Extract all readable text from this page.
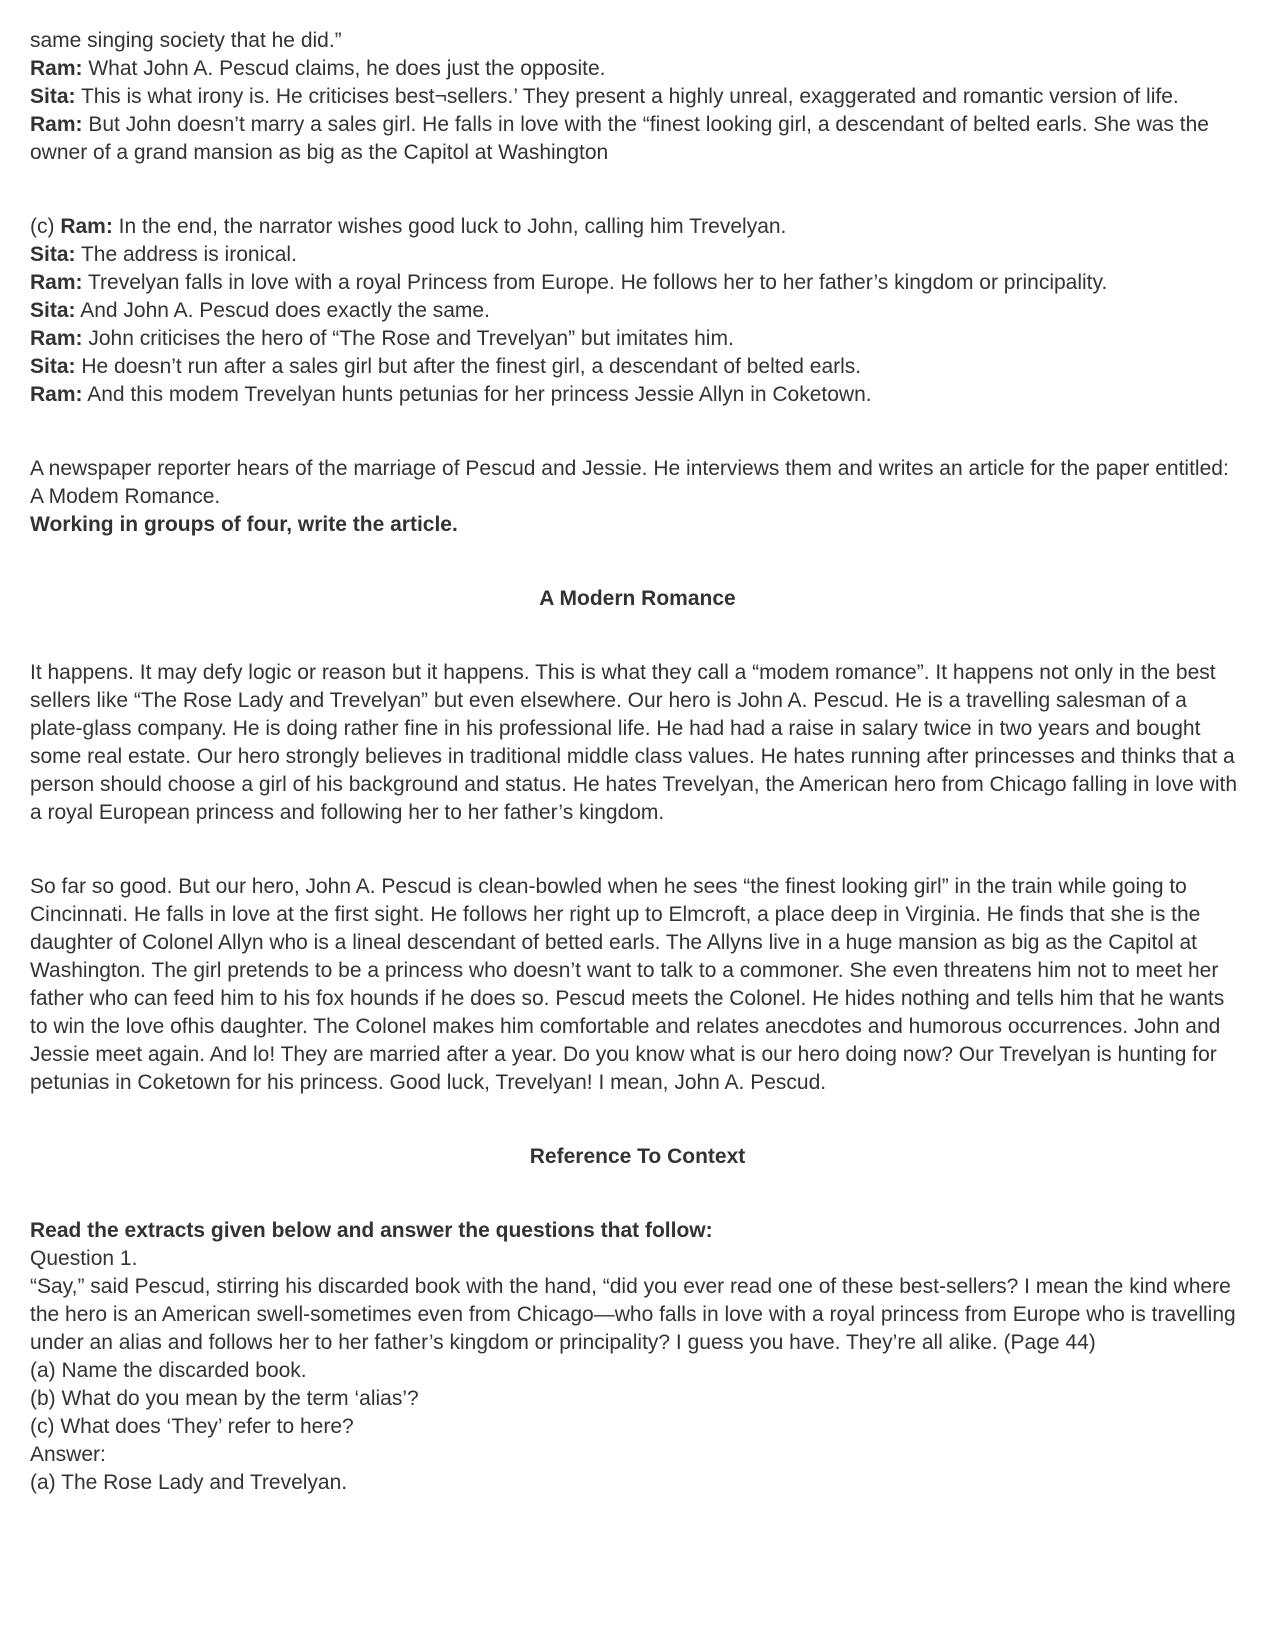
same singing society that he did.”

Ram: What John A. Pescud claims, he does just the opposite.

Sita: This is what irony is. He criticises best¬sellers.’ They present a highly unreal, exaggerated and romantic version of life.

Ram: But John doesn’t marry a sales girl. He falls in love with the “finest looking girl, a descendant of belted earls. She was the owner of a grand mansion as big as the Capitol at Washington

(c) Ram: In the end, the narrator wishes good luck to John, calling him Trevelyan.

Sita: The address is ironical.

Ram: Trevelyan falls in love with a royal Princess from Europe. He follows her to her father’s kingdom or principality.

Sita: And John A. Pescud does exactly the same.

Ram: John criticises the hero of “The Rose and Trevelyan” but imitates him.

Sita: He doesn’t run after a sales girl but after the finest girl, a descendant of belted earls.

Ram: And this modem Trevelyan hunts petunias for her princess Jessie Allyn in Coketown.

A newspaper reporter hears of the marriage of Pescud and Jessie. He interviews them and writes an article for the paper entitled: A Modem Romance.

Working in groups of four, write the article.

A Modern Romance

It happens. It may defy logic or reason but it happens. This is what they call a “modem romance”. It happens not only in the best sellers like “The Rose Lady and Trevelyan” but even elsewhere. Our hero is John A. Pescud. He is a travelling salesman of a plate-glass company. He is doing rather fine in his professional life. He had had a raise in salary twice in two years and bought some real estate. Our hero strongly believes in traditional middle class values. He hates running after princesses and thinks that a person should choose a girl of his background and status. He hates Trevelyan, the American hero from Chicago falling in love with a royal European princess and following her to her father’s kingdom.

So far so good. But our hero, John A. Pescud is clean-bowled when he sees “the finest looking girl” in the train while going to Cincinnati. He falls in love at the first sight. He follows her right up to Elmcroft, a place deep in Virginia. He finds that she is the daughter of Colonel Allyn who is a lineal descendant of betted earls. The Allyns live in a huge mansion as big as the Capitol at Washington. The girl pretends to be a princess who doesn’t want to talk to a commoner. She even threatens him not to meet her father who can feed him to his fox hounds if he does so. Pescud meets the Colonel. He hides nothing and tells him that he wants to win the love ofhis daughter. The Colonel makes him comfortable and relates anecdotes and humorous occurrences. John and Jessie meet again. And lo! They are married after a year. Do you know what is our hero doing now? Our Trevelyan is hunting for petunias in Coketown for his princess. Good luck, Trevelyan! I mean, John A. Pescud.

Reference To Context

Read the extracts given below and answer the questions that follow:

Question 1.

“Say,” said Pescud, stirring his discarded book with the hand, “did you ever read one of these best-sellers? I mean the kind where the hero is an American swell-sometimes even from Chicago—who falls in love with a royal princess from Europe who is travelling under an alias and follows her to her father’s kingdom or principality? I guess you have. They’re all alike. (Page 44)

(a) Name the discarded book.

(b) What do you mean by the term ‘alias’?

(c) What does ‘They’ refer to here?

Answer:

(a) The Rose Lady and Trevelyan.
